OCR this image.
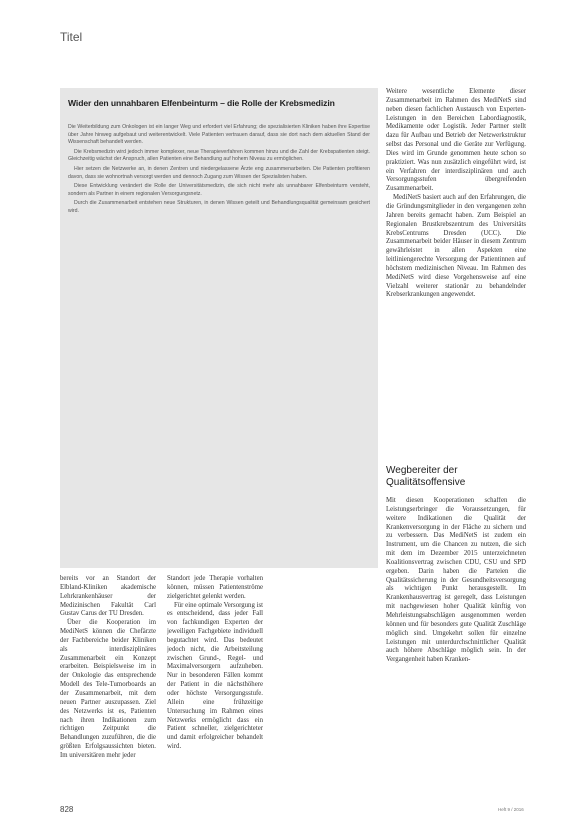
Titel
Wider den unnahbaren Elfenbeinturm – die Rolle der Krebsmedizin

Die Weiterbildung zum Onkologen ist ein langer Weg und erfordert viel Erfahrung; die spezialisierten Kliniken haben ihre Expertise über Jahre hinweg aufgebaut und weiterentwickelt. Viele Patienten vertrauen darauf, dass sie dort nach dem aktuellen Stand der Wissenschaft behandelt werden.

Die Krebsmedizin wird jedoch immer komplexer, neue Therapieverfahren kommen hinzu und die Zahl der Krebspatienten steigt. Gleichzeitig wächst der Anspruch, allen Patienten eine Behandlung auf hohem Niveau zu ermöglichen.

Hier setzen die Netzwerke an, in denen Zentren und niedergelassene Ärzte eng zusammenarbeiten. Die Patienten profitieren davon, dass sie wohnortnah versorgt werden und dennoch Zugang zum Wissen der Spezialisten haben.

Diese Entwicklung verändert die Rolle der Universitätsmedizin, die sich nicht mehr als unnahbarer Elfenbeinturm versteht, sondern als Partner in einem regionalen Versorgungsnetz.

Durch die Zusammenarbeit entstehen neue Strukturen, in denen Wissen geteilt und Behandlungsqualität gemeinsam gesichert wird.

Weitere wesentliche Elemente dieser Zusammenarbeit im Rahmen des MediNetS sind neben diesen fachlichen Austausch von Experten-Leistungen in den Bereichen Labordiagnostik, Medikamente oder Logistik. Jeder Partner stellt dazu für Aufbau und Betrieb der Netzwerkstruktur selbst das Personal und die Geräte zur Verfügung. Dies wird im Grunde genommen heute schon so praktiziert. Was nun zusätzlich eingeführt wird, ist ein Verfahren der interdisziplinären und auch Versorgungsstufen übergreifenden Zusammenarbeit.

MediNetS basiert auch auf den Erfahrungen, die die Gründungsmitglieder in den vergangenen zehn Jahren bereits gemacht haben. Zum Beispiel an Regionalen Brustkrebszentrum des Universitäts KrebsCentrums Dresden (UCC). Die Zusammenarbeit beider Häuser in diesem Zentrum gewährleistet in allen Aspekten eine leitliniengerechte Versorgung der Patientinnen auf höchstem medizinischen Niveau. Im Rahmen des MediNetS wird diese Vorgehensweise auf eine Vielzahl weiterer stationär zu behandelnder Krebserkrankungen angewendet.

Wegbereiter der Qualitätsoffensive

Mit diesen Kooperationen schaffen die Leistungserbringer die Voraussetzungen, für weitere Indikationen die Qualität der Krankenversorgung in der Fläche zu sichern und zu verbessern. Das MediNetS ist zudem ein Instrument, um die Chancen zu nutzen, die sich mit dem im Dezember 2015 unterzeichneten Koalitionsvertrag zwischen CDU, CSU und SPD ergeben. Darin haben die Parteien die Qualitätssicherung in der Gesundheitsversorgung als wichtigen Punkt herausgestellt. Im Krankenhausvertrag ist geregelt, dass Leistungen mit nachgewiesen hoher Qualität künftig von Mehrleistungsabschlägen ausgenommen werden können und für besonders gute Qualität Zuschläge möglich sind. Umgekehrt sollen für einzelne Leistungen mit unterdurchschnittlicher Qualität auch höhere Abschläge möglich sein. In der Vergangenheit haben Kranken-

bereits vor an Standort der Elbland-Kliniken akademische Lehrkrankenhäuser der Medizinischen Fakultät Carl Gustav Carus der TU Dresden.

Über die Kooperation im MediNetS können die Chefärzte der Fachbereiche beider Kliniken als interdisziplinäres Zusammenarbeit ein Konzept erarbeiten. Beispielsweise im in der Onkologie das entsprechende Modell des Tele-Tumorboards an der Zusammenarbeit, mit dem neuen Partner auszupassen. Ziel des Netzwerks ist es, Patienten nach ihren Indikationen zum richtigen Zeitpunkt die Behandlungen zuzuführen, die die größten Erfolgsaussichten bieten. Im universitären mehr jeder

Standort jede Therapie vorhalten können, müssen Patientenströme zielgerichtet gelenkt werden.

Für eine optimale Versorgung ist es entscheidend, dass jeder Fall von fachkundigen Experten der jeweiligen Fachgebiete individuell begutachtet wird. Das bedeutet jedoch nicht, die Arbeitsteilung zwischen Grund-, Regel- und Maximalversorgern aufzuheben. Nur in besonderen Fällen kommt der Patient in die nächsthöhere oder höchste Versorgungsstufe. Allein eine frühzeitige Untersuchung im Rahmen eines Netzwerks ermöglicht dass ein Patient schneller, zielgerichteter und damit erfolgreicher behandelt wird.

828	Heft 9 / 2016
